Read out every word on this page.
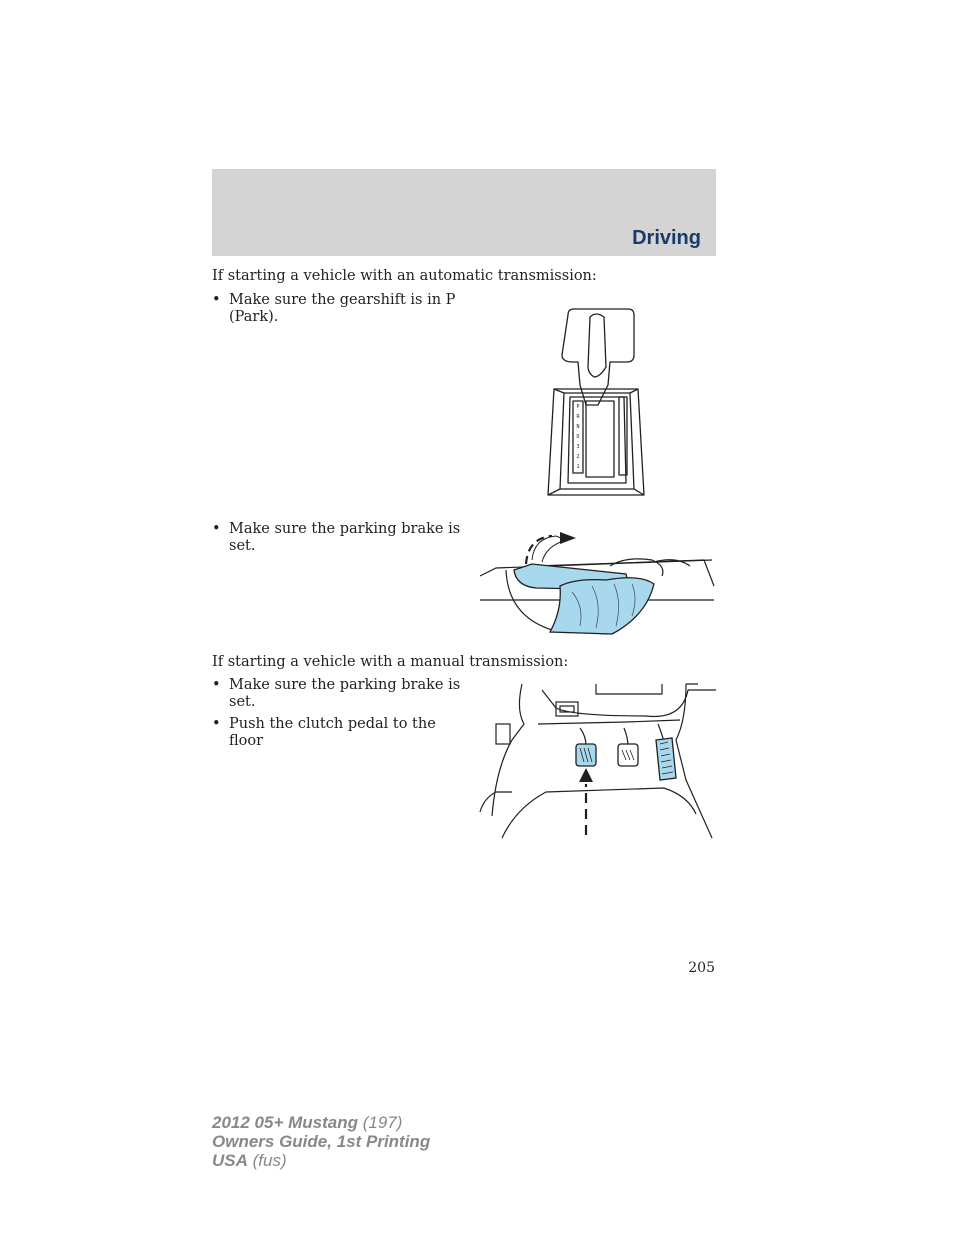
Driving

If starting a vehicle with an automatic transmission:

• Make sure the gearshift is in P (Park).
• Make sure the parking brake is set.

If starting a vehicle with a manual transmission:

• Make sure the parking brake is set.
• Push the clutch pedal to the floor
P
R
N
D
3
2
1
205
2012 05+ Mustang (197)
Owners Guide, 1st Printing
USA (fus)
